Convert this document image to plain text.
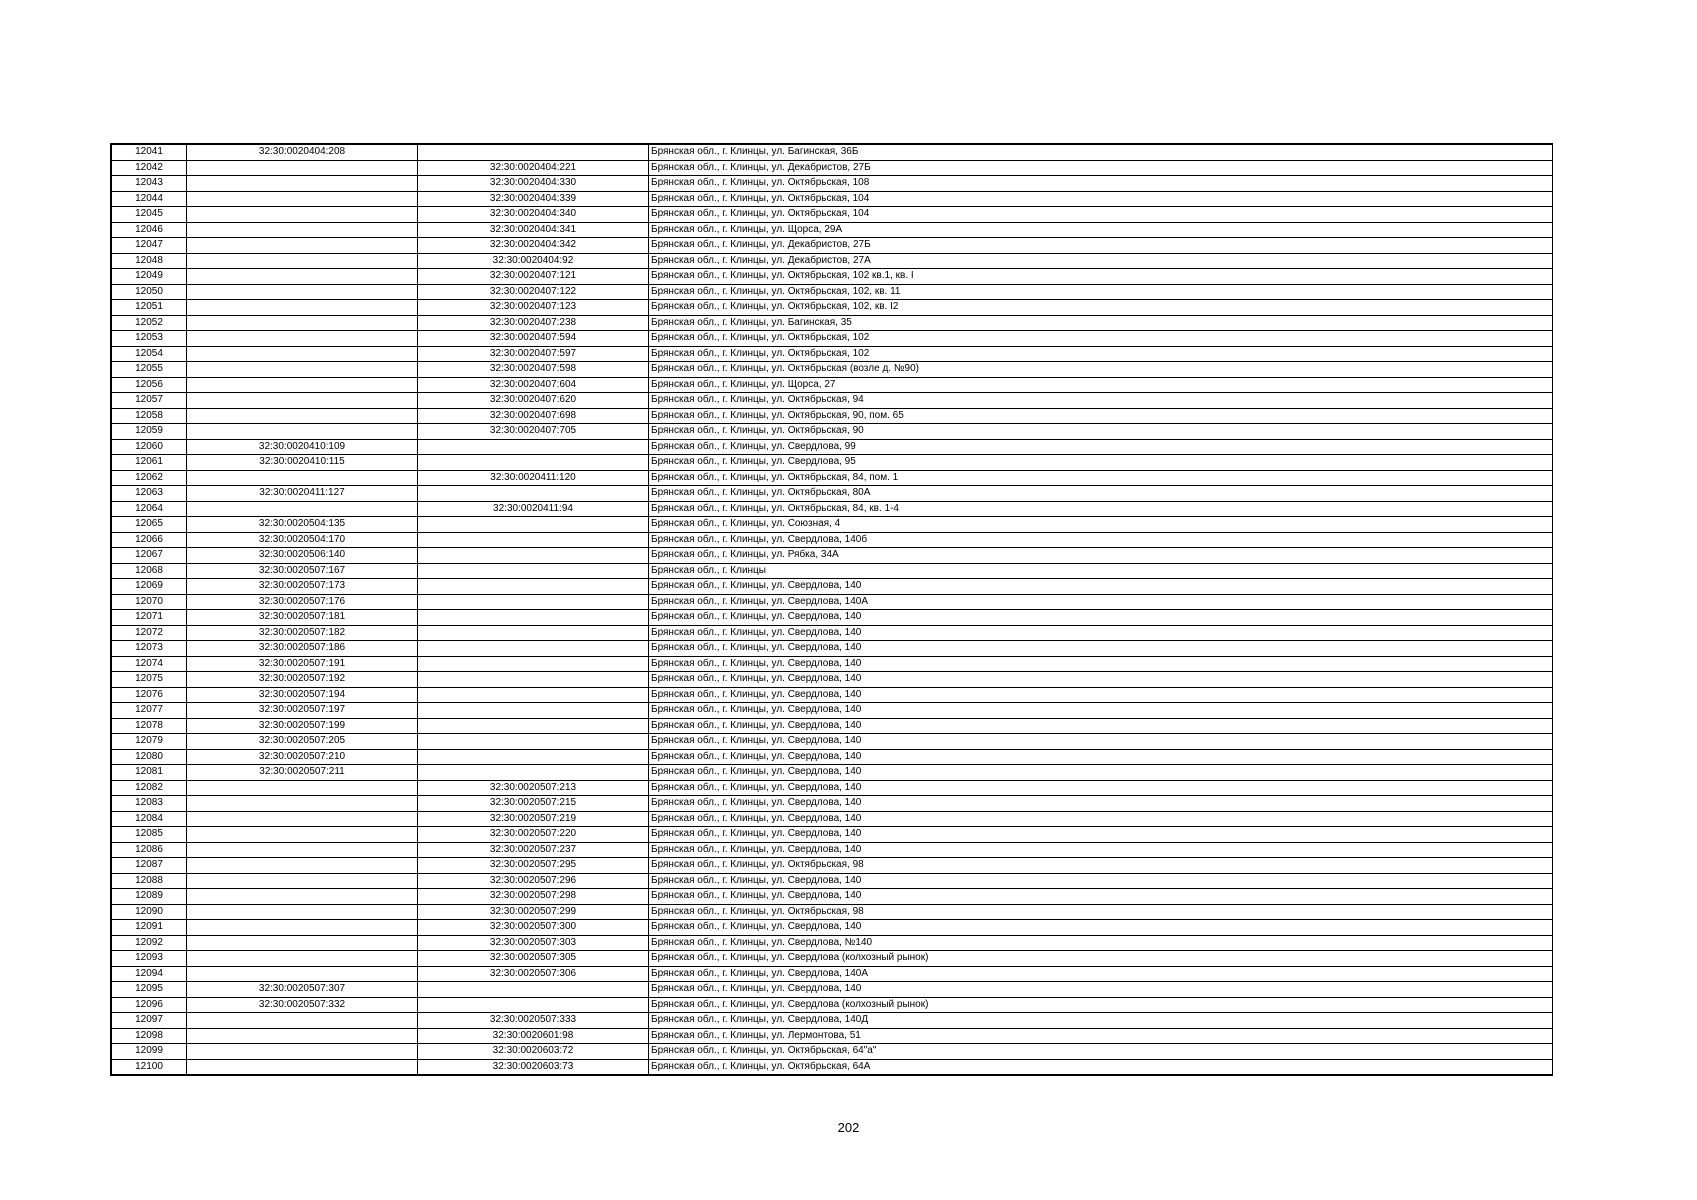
12041	32:30:0020404:208		Брянская обл., г. Клинцы, ул. Багинская, 36Б
12042		32:30:0020404:221	Брянская обл., г. Клинцы, ул. Декабристов, 27Б
12043		32:30:0020404:330	Брянская обл., г. Клинцы, ул. Октябрьская, 108
12044		32:30:0020404:339	Брянская обл., г. Клинцы, ул. Октябрьская, 104
12045		32:30:0020404:340	Брянская обл., г. Клинцы, ул. Октябрьская, 104
12046		32:30:0020404:341	Брянская обл., г. Клинцы, ул. Щорса, 29А
12047		32:30:0020404:342	Брянская обл., г. Клинцы, ул. Декабристов, 27Б
12048		32:30:0020404:92	Брянская обл., г. Клинцы, ул. Декабристов, 27А
12049		32:30:0020407:121	Брянская обл., г. Клинцы, ул. Октябрьская, 102 кв.1, кв. I
12050		32:30:0020407:122	Брянская обл., г. Клинцы, ул. Октябрьская, 102, кв. 11
12051		32:30:0020407:123	Брянская обл., г. Клинцы, ул. Октябрьская, 102, кв. I2
12052		32:30:0020407:238	Брянская обл., г. Клинцы, ул. Багинская, 35
12053		32:30:0020407:594	Брянская обл., г. Клинцы, ул. Октябрьская, 102
12054		32:30:0020407:597	Брянская обл., г. Клинцы, ул. Октябрьская, 102
12055		32:30:0020407:598	Брянская обл., г. Клинцы, ул. Октябрьская (возле д. №90)
12056		32:30:0020407:604	Брянская обл., г. Клинцы, ул. Щорса, 27
12057		32:30:0020407:620	Брянская обл., г. Клинцы, ул. Октябрьская, 94
12058		32:30:0020407:698	Брянская обл., г. Клинцы, ул. Октябрьская, 90, пом. 65
12059		32:30:0020407:705	Брянская обл., г. Клинцы, ул. Октябрьская, 90
12060	32:30:0020410:109		Брянская обл., г. Клинцы, ул. Свердлова, 99
12061	32:30:0020410:115		Брянская обл., г. Клинцы, ул. Свердлова, 95
12062		32:30:0020411:120	Брянская обл., г. Клинцы, ул. Октябрьская, 84, пом. 1
12063	32:30:0020411:127		Брянская обл., г. Клинцы, ул. Октябрьская, 80А
12064		32:30:0020411:94	Брянская обл., г. Клинцы, ул. Октябрьская, 84, кв. 1-4
12065	32:30:0020504:135		Брянская обл., г. Клинцы, ул. Союзная, 4
12066	32:30:0020504:170		Брянская обл., г. Клинцы, ул. Свердлова, 140б
12067	32:30:0020506:140		Брянская обл., г. Клинцы, ул. Рябка, 34А
12068	32:30:0020507:167		Брянская обл., г. Клинцы
12069	32:30:0020507:173		Брянская обл., г. Клинцы, ул. Свердлова, 140
12070	32:30:0020507:176		Брянская обл., г. Клинцы, ул. Свердлова, 140А
12071	32:30:0020507:181		Брянская обл., г. Клинцы, ул. Свердлова, 140
12072	32:30:0020507:182		Брянская обл., г. Клинцы, ул. Свердлова, 140
12073	32:30:0020507:186		Брянская обл., г. Клинцы, ул. Свердлова, 140
12074	32:30:0020507:191		Брянская обл., г. Клинцы, ул. Свердлова, 140
12075	32:30:0020507:192		Брянская обл., г. Клинцы, ул. Свердлова, 140
12076	32:30:0020507:194		Брянская обл., г. Клинцы, ул. Свердлова, 140
12077	32:30:0020507:197		Брянская обл., г. Клинцы, ул. Свердлова, 140
12078	32:30:0020507:199		Брянская обл., г. Клинцы, ул. Свердлова, 140
12079	32:30:0020507:205		Брянская обл., г. Клинцы, ул. Свердлова, 140
12080	32:30:0020507:210		Брянская обл., г. Клинцы, ул. Свердлова, 140
12081	32:30:0020507:211		Брянская обл., г. Клинцы, ул. Свердлова, 140
12082		32:30:0020507:213	Брянская обл., г. Клинцы, ул. Свердлова, 140
12083		32:30:0020507:215	Брянская обл., г. Клинцы, ул. Свердлова, 140
12084		32:30:0020507:219	Брянская обл., г. Клинцы, ул. Свердлова, 140
12085		32:30:0020507:220	Брянская обл., г. Клинцы, ул. Свердлова, 140
12086		32:30:0020507:237	Брянская обл., г. Клинцы, ул. Свердлова, 140
12087		32:30:0020507:295	Брянская обл., г. Клинцы, ул. Октябрьская, 98
12088		32:30:0020507:296	Брянская обл., г. Клинцы, ул. Свердлова, 140
12089		32:30:0020507:298	Брянская обл., г. Клинцы, ул. Свердлова, 140
12090		32:30:0020507:299	Брянская обл., г. Клинцы, ул. Октябрьская, 98
12091		32:30:0020507:300	Брянская обл., г. Клинцы, ул. Свердлова, 140
12092		32:30:0020507:303	Брянская обл., г. Клинцы, ул. Свердлова, №140
12093		32:30:0020507:305	Брянская обл., г. Клинцы, ул. Свердлова (колхозный рынок)
12094		32:30:0020507:306	Брянская обл., г. Клинцы, ул. Свердлова, 140А
12095	32:30:0020507:307		Брянская обл., г. Клинцы, ул. Свердлова, 140
12096	32:30:0020507:332		Брянская обл., г. Клинцы, ул. Свердлова (колхозный рынок)
12097		32:30:0020507:333	Брянская обл., г. Клинцы, ул. Свердлова, 140Д
12098		32:30:0020601:98	Брянская обл., г. Клинцы, ул. Лермонтова, 51
12099		32:30:0020603:72	Брянская обл., г. Клинцы, ул. Октябрьская, 64"а"
12100		32:30:0020603:73	Брянская обл., г. Клинцы, ул. Октябрьская, 64А
202
